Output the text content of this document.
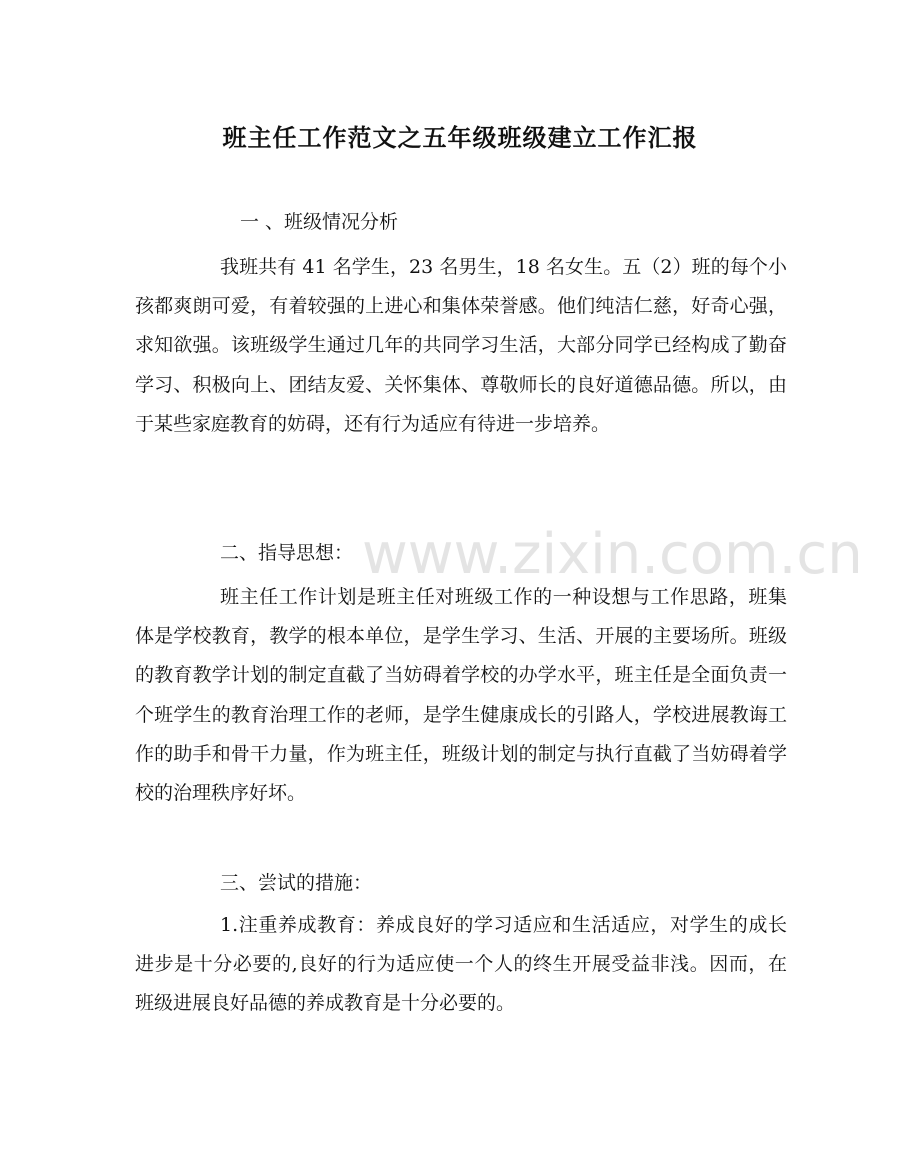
班主任工作范文之五年级班级建立工作汇报
一 、班级情况分析

我班共有 41 名学生，23 名男生，18 名女生。五（2）班的每个小孩都爽朗可爱，有着较强的上进心和集体荣誉感。他们纯洁仁慈，好奇心强，求知欲强。该班级学生通过几年的共同学习生活，大部分同学已经构成了勤奋学习、积极向上、团结友爱、关怀集体、尊敬师长的良好道德品德。所以，由于某些家庭教育的妨碍，还有行为适应有待进一步培养。

二、指导思想：

班主任工作计划是班主任对班级工作的一种设想与工作思路，班集体是学校教育，教学的根本单位，是学生学习、生活、开展的主要场所。班级的教育教学计划的制定直截了当妨碍着学校的办学水平，班主任是全面负责一个班学生的教育治理工作的老师，是学生健康成长的引路人，学校进展教诲工作的助手和骨干力量，作为班主任，班级计划的制定与执行直截了当妨碍着学校的治理秩序好坏。

三、尝试的措施：

1.注重养成教育：养成良好的学习适应和生活适应，对学生的成长进步是十分必要的,良好的行为适应使一个人的终生开展受益非浅。因而，在班级进展良好品德的养成教育是十分必要的。

www.zixin.com.cn
